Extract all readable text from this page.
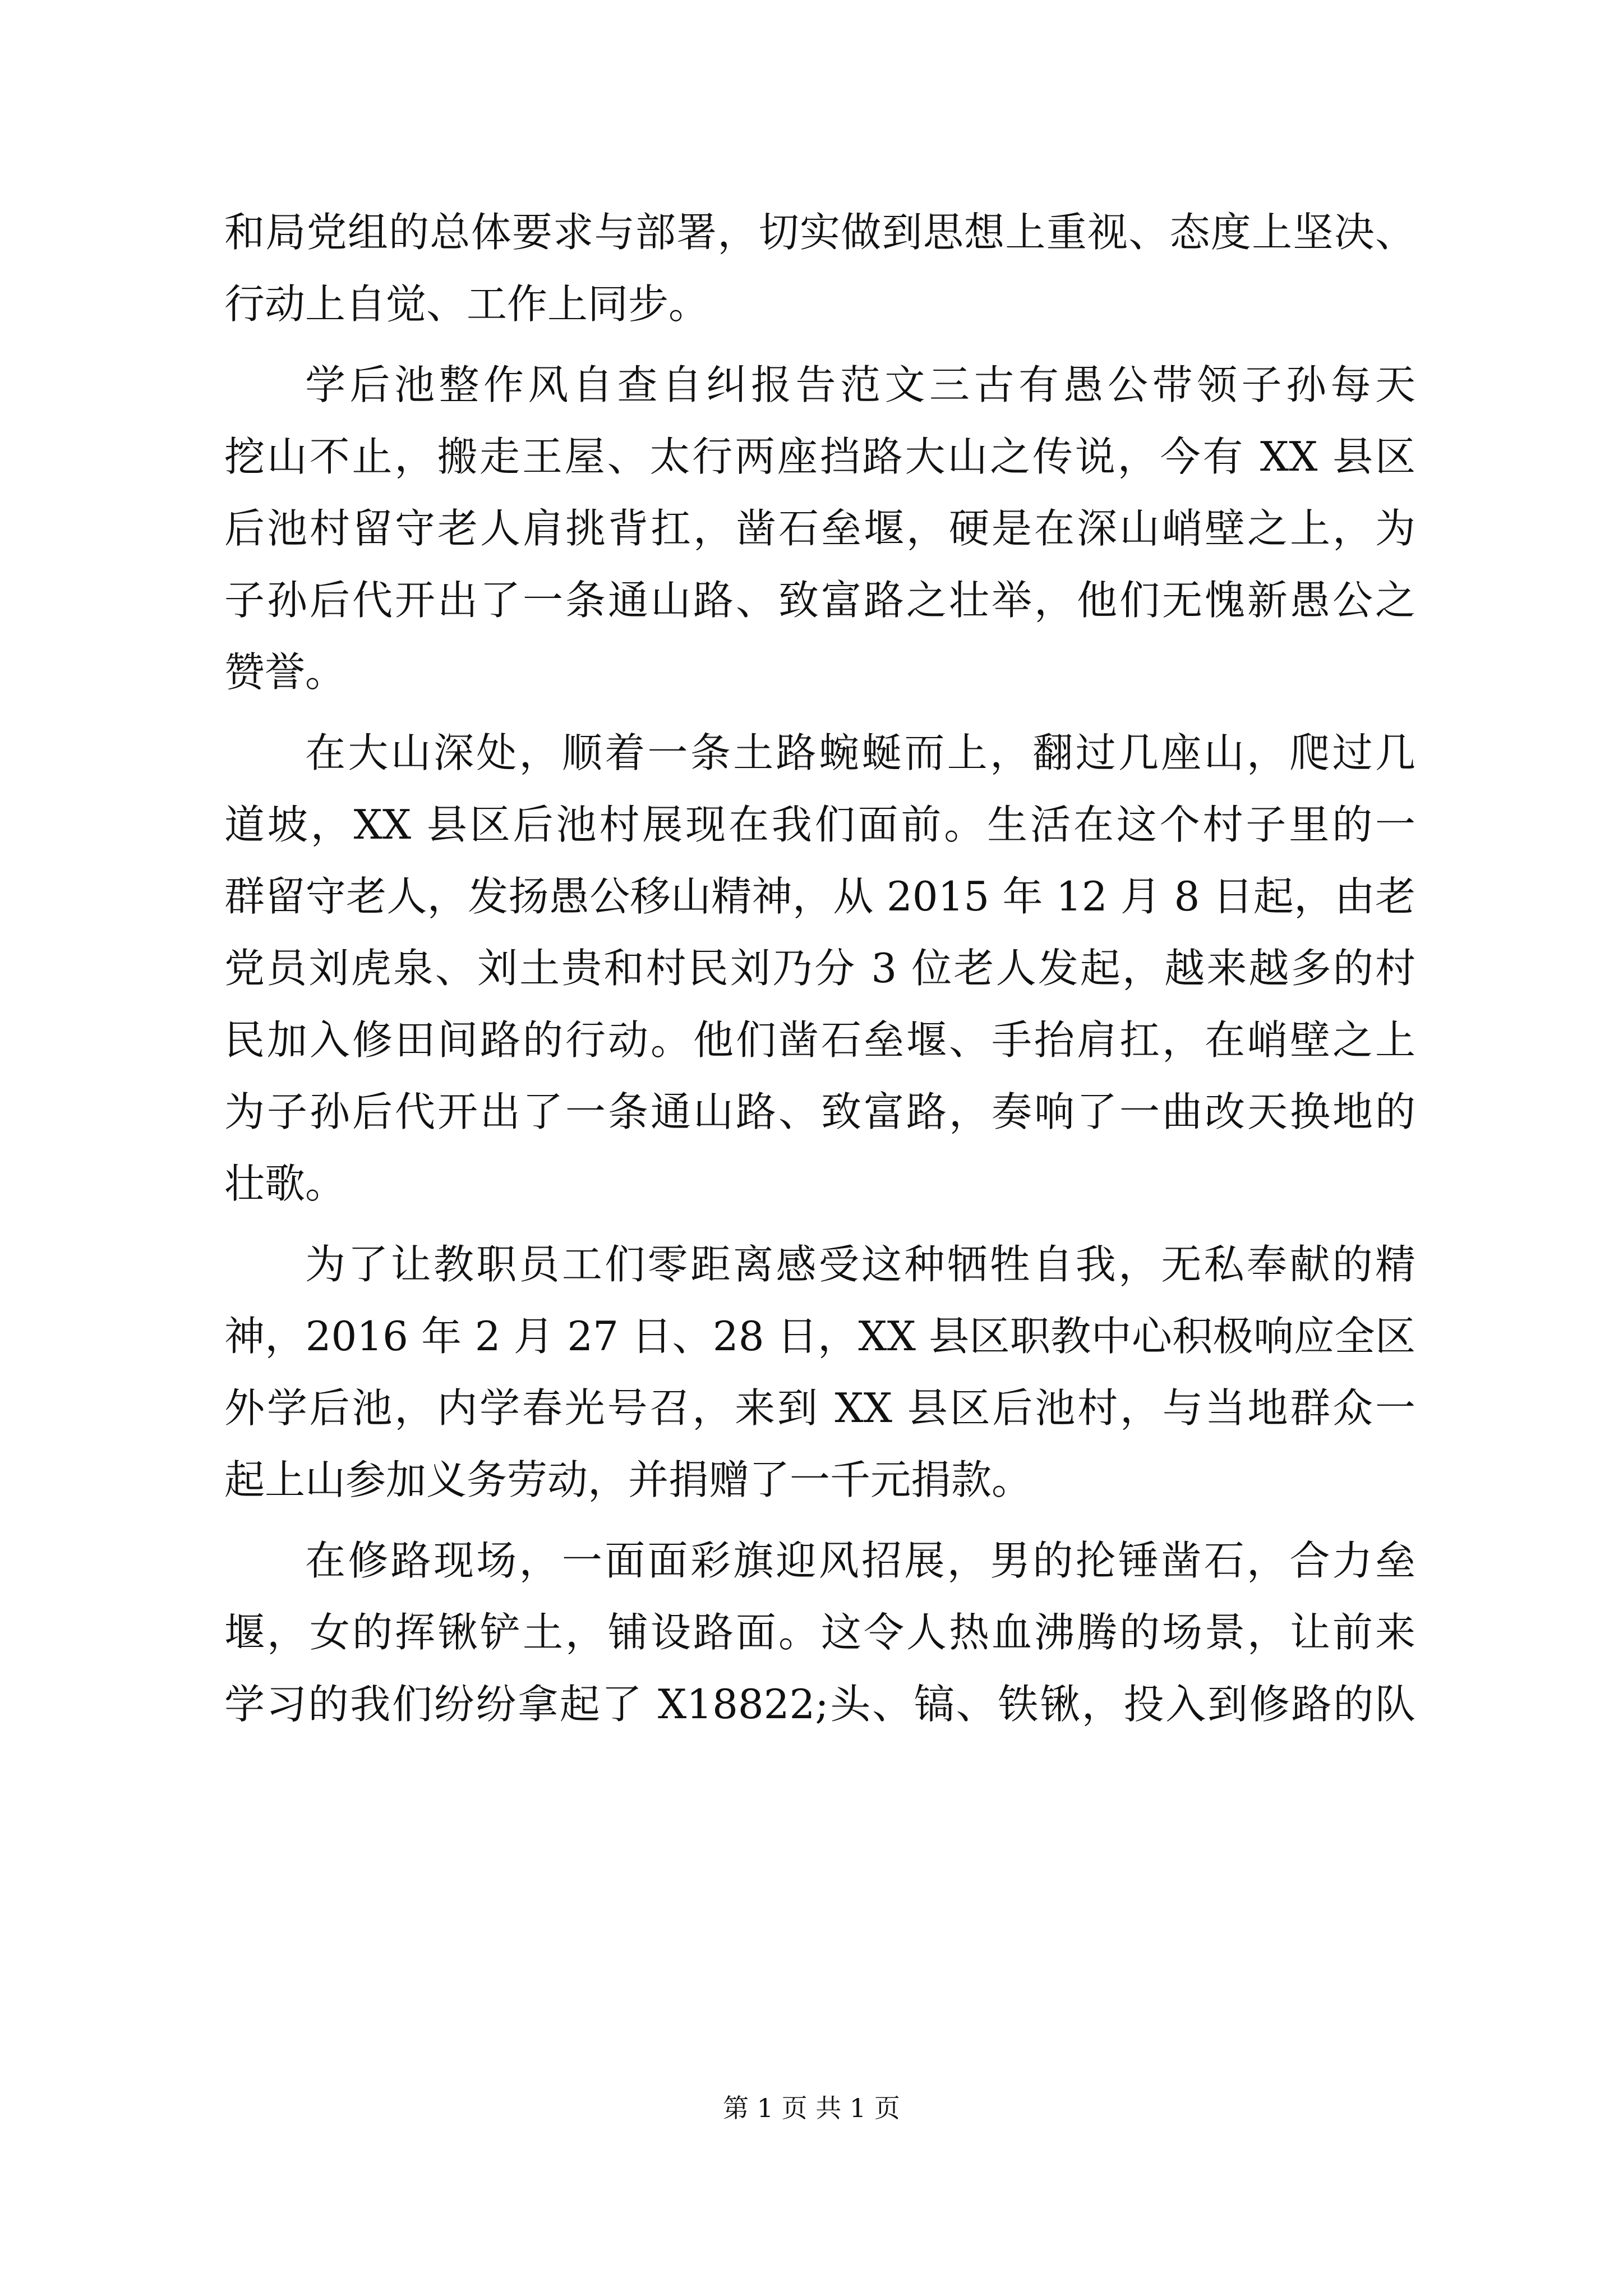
和局党组的总体要求与部署，切实做到思想上重视、态度上坚决、
行动上自觉、工作上同步。
学后池整作风自查自纠报告范文三古有愚公带领子孙每天
挖山不止，搬走王屋、太行两座挡路大山之传说，今有 XX 县区
后池村留守老人肩挑背扛，凿石垒堰，硬是在深山峭壁之上，为
子孙后代开出了一条通山路、致富路之壮举，他们无愧新愚公之
赞誉。
在大山深处，顺着一条土路蜿蜒而上，翻过几座山，爬过几
道坡，XX 县区后池村展现在我们面前。生活在这个村子里的一
群留守老人，发扬愚公移山精神，从 2015 年 12 月 8 日起，由老
党员刘虎泉、刘土贵和村民刘乃分 3 位老人发起，越来越多的村
民加入修田间路的行动。他们凿石垒堰、手抬肩扛，在峭壁之上
为子孙后代开出了一条通山路、致富路，奏响了一曲改天换地的
壮歌。
为了让教职员工们零距离感受这种牺牲自我，无私奉献的精
神，2016 年 2 月 27 日、28 日，XX 县区职教中心积极响应全区
外学后池，内学春光号召，来到 XX 县区后池村，与当地群众一
起上山参加义务劳动，并捐赠了一千元捐款。
在修路现场，一面面彩旗迎风招展，男的抡锤凿石，合力垒
堰，女的挥锹铲土，铺设路面。这令人热血沸腾的场景，让前来
学习的我们纷纷拿起了 X18822;头、镐、铁锹，投入到修路的队
第 1 页 共 1 页
